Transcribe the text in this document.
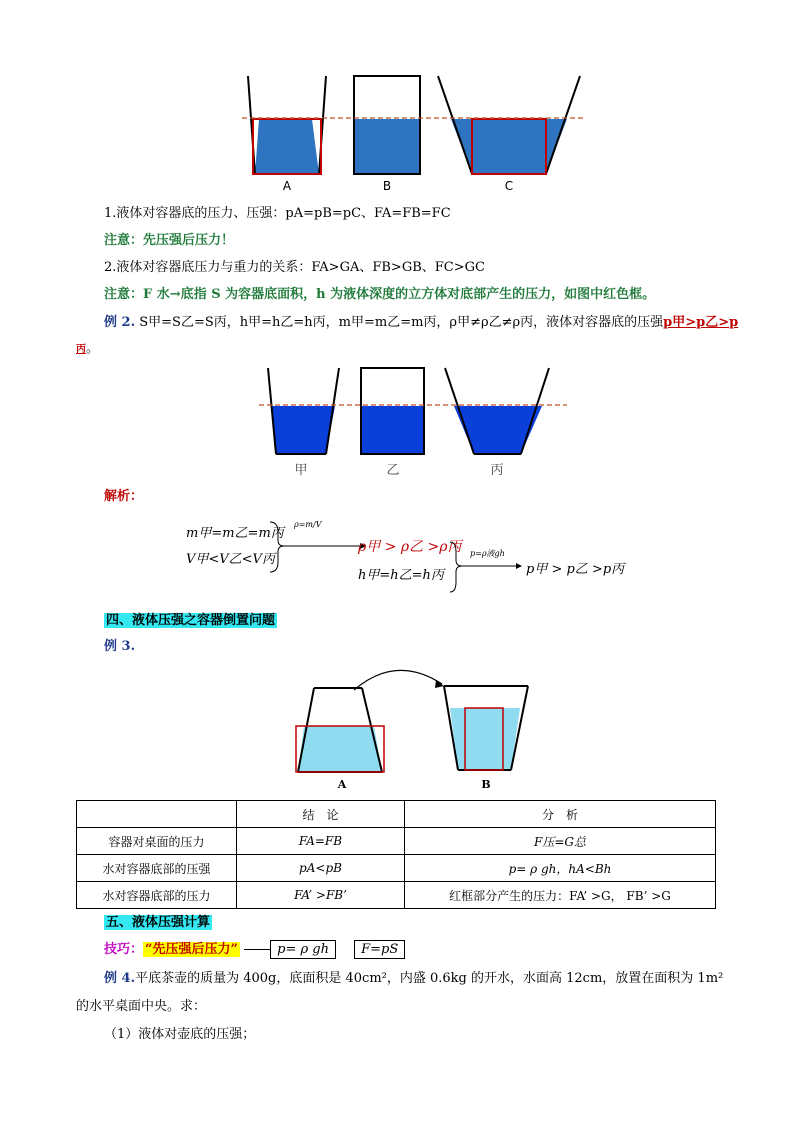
A	B	C
1.液体对容器底的压力、压强：pA=pB=pC、FA=FB=FC
注意：先压强后压力！
2.液体对容器底压力与重力的关系：FA>GA、FB>GB、FC>GC
注意：F 水→底指 S 为容器底面积，h 为液体深度的立方体对底部产生的压力，如图中红色框。
例 2. S甲=S乙=S丙，h甲=h乙=h丙，m甲=m乙=m丙，ρ甲≠ρ乙≠ρ丙，液体对容器底的压强p甲>p乙>p
丙。
甲	乙	丙
解析：
m甲=m乙=m丙
V甲<V乙<V丙
ρ=m/V
ρ甲 > ρ乙 >ρ丙
h甲=h乙=h丙
p=ρ液gh
p甲 > p乙 >p丙
四、液体压强之容器倒置问题
例 3.
A	B
	结　论	分　析
容器对桌面的压力	FA=FB	F压=G总
水对容器底部的压强	pA<pB	p= ρ gh，hA<Bh
水对容器底部的压力	FA’ >FB’	红框部分产生的压力：FA’ >G， FB’ >G
五、液体压强计算
技巧： “先压强后压力”	p= ρ gh F=pS
例 4.平底茶壶的质量为 400g，底面积是 40cm²，内盛 0.6kg 的开水，水面高 12cm，放置在面积为 1m²
的水平桌面中央。求：
（1）液体对壶底的压强；
